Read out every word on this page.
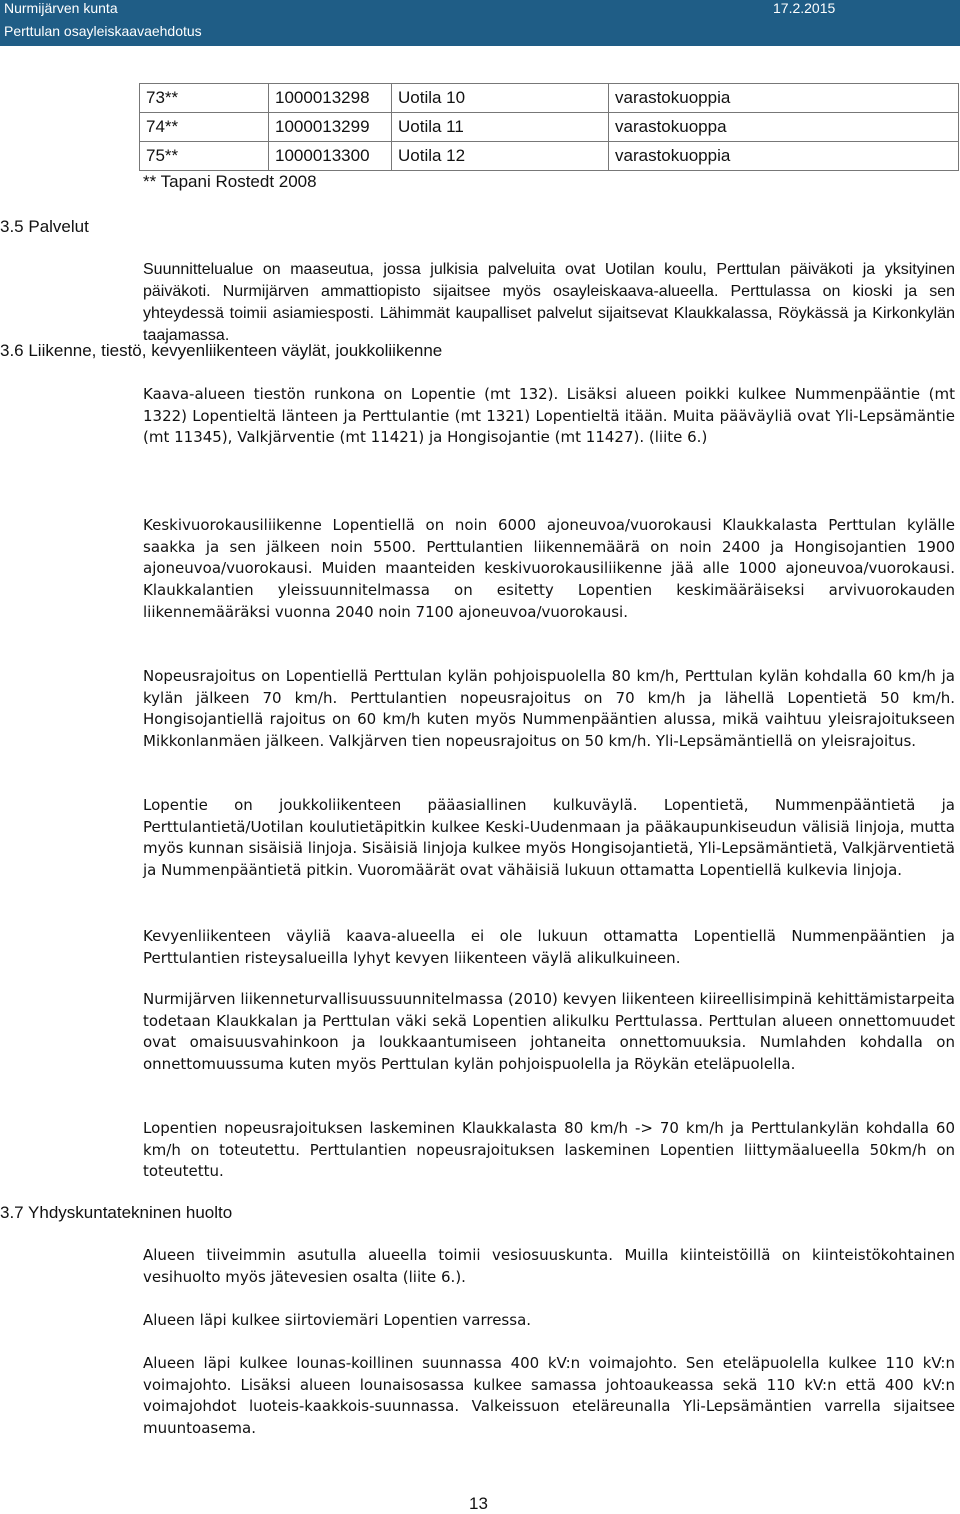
Nurmijärven kunta
Perttulan osayleiskaavaehdotus
17.2.2015
73**	1000013298	Uotila 10	varastokuoppia
74**	1000013299	Uotila 11	varastokuoppa
75**	1000013300	Uotila 12	varastokuoppia
** Tapani Rostedt 2008
3.5 Palvelut

Suunnittelualue on maaseutua, jossa julkisia palveluita ovat Uotilan koulu, Perttulan päiväkoti ja yksityinen päiväkoti. Nurmijärven ammattiopisto sijaitsee myös osayleiskaava-alueella. Perttulassa on kioski ja sen yhteydessä toimii asiamiesposti. Lähimmät kaupalliset palvelut sijaitsevat Klaukkalassa, Röykässä ja Kirkonkylän taajamassa.

3.6 Liikenne, tiestö, kevyenliikenteen väylät, joukkoliikenne

Kaava-alueen tiestön runkona on Lopentie (mt 132). Lisäksi alueen poikki kulkee Nummenpääntie (mt 1322) Lopentieltä länteen ja Perttulantie (mt 1321) Lopentieltä itään. Muita pääväyliä ovat Yli-Lepsämäntie (mt 11345), Valkjärventie (mt 11421) ja Hongisojantie (mt 11427). (liite 6.)

Keskivuorokausiliikenne Lopentiellä on noin 6000 ajoneuvoa/vuorokausi Klaukkalasta Perttulan kylälle saakka ja sen jälkeen noin 5500. Perttulantien liikennemäärä on noin 2400 ja Hongisojantien 1900 ajoneuvoa/vuorokausi. Muiden maanteiden keskivuorokausiliikenne jää alle 1000 ajoneuvoa/vuorokausi. Klaukkalantien yleissuunnitelmassa on esitetty Lopentien keskimääräiseksi arvivuorokauden liikennemääräksi vuonna 2040 noin 7100 ajoneuvoa/vuorokausi.

Nopeusrajoitus on Lopentiellä Perttulan kylän pohjoispuolella 80 km/h, Perttulan kylän kohdalla 60 km/h ja kylän jälkeen 70 km/h. Perttulantien nopeusrajoitus on 70 km/h ja lähellä Lopentietä 50 km/h. Hongisojantiellä rajoitus on 60 km/h kuten myös Nummenpääntien alussa, mikä vaihtuu yleisrajoitukseen Mikkonlanmäen jälkeen. Valkjärven tien nopeusrajoitus on 50 km/h. Yli-Lepsämäntiellä on yleisrajoitus.

Lopentie on joukkoliikenteen pääasiallinen kulkuväylä. Lopentietä, Nummenpääntietä ja Perttulantietä/Uotilan koulutietäpitkin kulkee Keski-Uudenmaan ja pääkaupunkiseudun välisiä linjoja, mutta myös kunnan sisäisiä linjoja. Sisäisiä linjoja kulkee myös Hongisojantietä, Yli-Lepsämäntietä, Valkjärventietä ja Nummenpääntietä pitkin. Vuoromäärät ovat vähäisiä lukuun ottamatta Lopentiellä kulkevia linjoja.

Kevyenliikenteen väyliä kaava-alueella ei ole lukuun ottamatta Lopentiellä Nummenpääntien ja Perttulantien risteysalueilla lyhyt kevyen liikenteen väylä alikulkuineen.

Nurmijärven liikenneturvallisuussuunnitelmassa (2010) kevyen liikenteen kiireellisimpinä kehittämistarpeita todetaan Klaukkalan ja Perttulan väki sekä Lopentien alikulku Perttulassa. Perttulan alueen onnettomuudet ovat omaisuusvahinkoon ja loukkaantumiseen johtaneita onnettomuuksia. Numlahden kohdalla on onnettomuussuma kuten myös Perttulan kylän pohjoispuolella ja Röykän eteläpuolella.

Lopentien nopeusrajoituksen laskeminen Klaukkalasta 80 km/h -> 70 km/h ja Perttulankylän kohdalla 60 km/h on toteutettu. Perttulantien nopeusrajoituksen laskeminen Lopentien liittymäalueella 50km/h on toteutettu.

3.7 Yhdyskuntatekninen huolto

Alueen tiiveimmin asutulla alueella toimii vesiosuuskunta. Muilla kiinteistöillä on kiinteistökohtainen vesihuolto myös jätevesien osalta (liite 6.).

Alueen läpi kulkee siirtoviemäri Lopentien varressa.

Alueen läpi kulkee lounas-koillinen suunnassa 400 kV:n voimajohto. Sen eteläpuolella kulkee 110 kV:n voimajohto. Lisäksi alueen lounaisosassa kulkee samassa johtoaukeassa sekä 110 kV:n että 400 kV:n voimajohdot luoteis-kaakkois-suunnassa. Valkeissuon eteläreunalla Yli-Lepsämäntien varrella sijaitsee muuntoasema.

13
